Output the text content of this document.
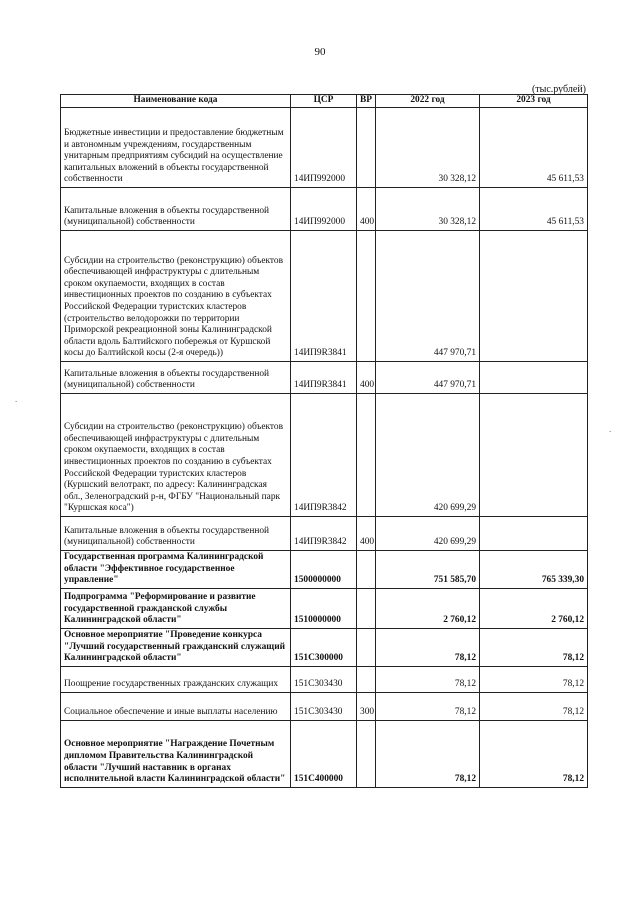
90
(тыс.рублей)
Наименование кода	ЦСР	ВР	2022 год	2023 год
Бюджетные инвестиции и предоставление бюджетным и автономным учреждениям, государственным унитарным предприятиям субсидий на осуществление капитальных вложений в объекты государственной собственности	14ИП992000		30 328,12	45 611,53
Капитальные вложения в объекты государственной (муниципальной) собственности	14ИП992000	400	30 328,12	45 611,53
Субсидии на строительство (реконструкцию) объектов обеспечивающей инфраструктуры с длительным сроком окупаемости, входящих в состав инвестиционных проектов по созданию в субъектах Российской Федерации туристских кластеров (строительство велодорожки по территории Приморской рекреационной зоны Калининградской области вдоль Балтийского побережья от Куршской косы до Балтийской косы (2-я очередь))	14ИП9R3841		447 970,71	
Капитальные вложения в объекты государственной (муниципальной) собственности	14ИП9R3841	400	447 970,71	
Субсидии на строительство (реконструкцию) объектов обеспечивающей инфраструктуры с длительным сроком окупаемости, входящих в состав инвестиционных проектов по созданию в субъектах Российской Федерации туристских кластеров (Куршский велотракт, по адресу: Калининградская обл., Зеленоградский р-н, ФГБУ "Национальный парк "Куршская коса")	14ИП9R3842		420 699,29	
Капитальные вложения в объекты государственной (муниципальной) собственности	14ИП9R3842	400	420 699,29	
Государственная программа Калининградской области "Эффективное государственное управление"	1500000000		751 585,70	765 339,30
Подпрограмма "Реформирование и развитие государственной гражданской службы Калининградской области"	1510000000		2 760,12	2 760,12
Основное мероприятие "Проведение конкурса "Лучший государственный гражданский служащий Калининградской области"	151C300000		78,12	78,12
Поощрение государственных гражданских служащих	151C303430		78,12	78,12
Социальное обеспечение и иные выплаты населению	151C303430	300	78,12	78,12
Основное мероприятие "Награждение Почетным дипломом Правительства Калининградской области "Лучший наставник в органах исполнительной власти Калининградской области"	151C400000		78,12	78,12
·
·
